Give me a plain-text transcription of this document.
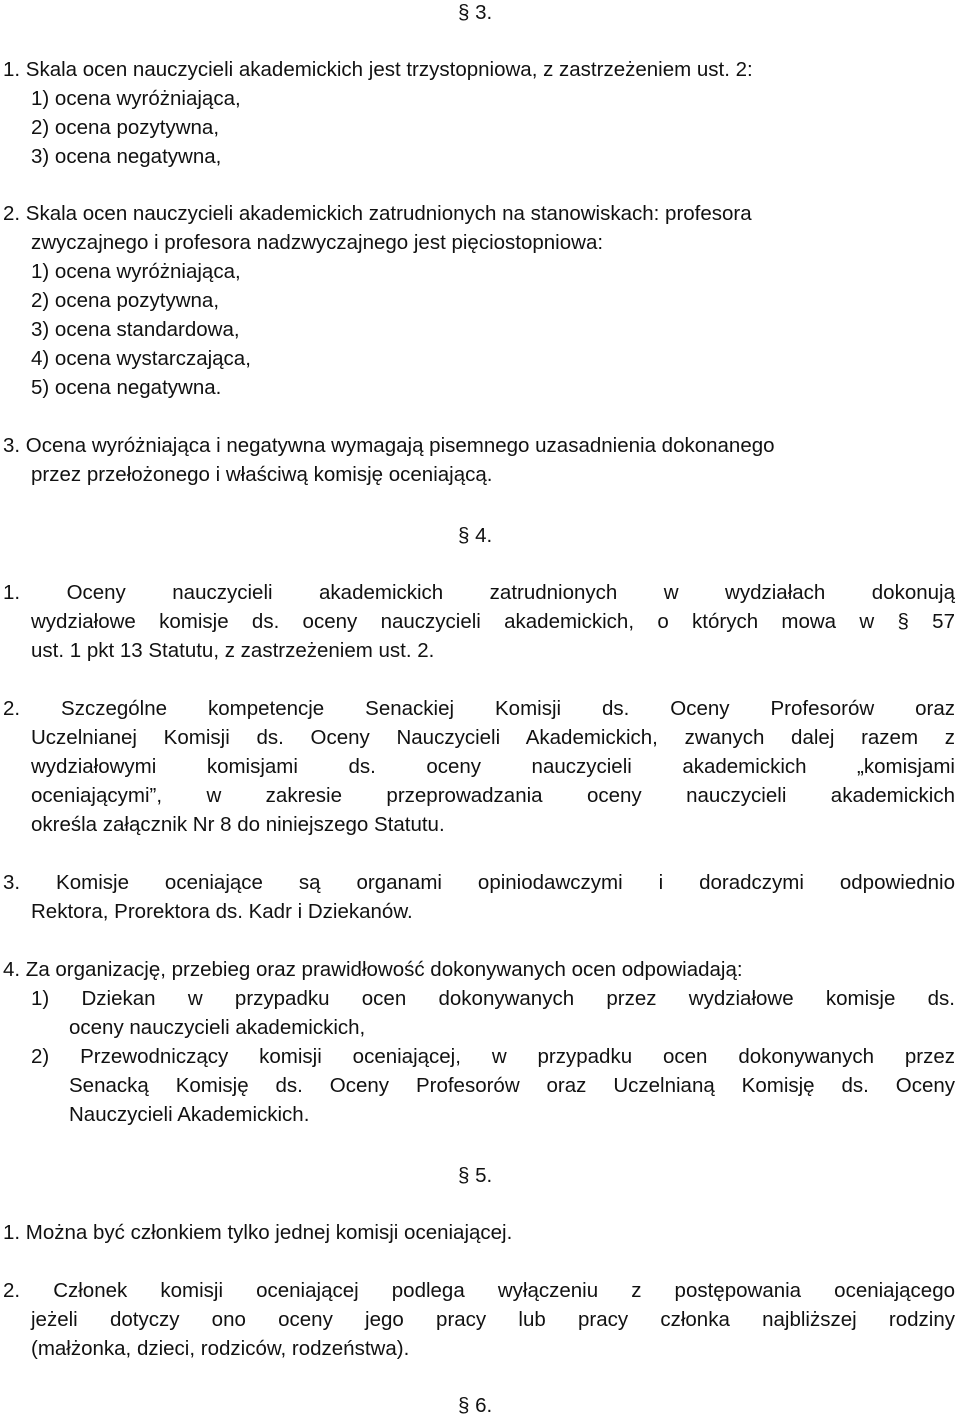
§ 3.
1. Skala ocen nauczycieli akademickich jest trzystopniowa, z zastrzeżeniem ust. 2:
1) ocena wyróżniająca,
2) ocena pozytywna,
3) ocena negatywna,
2. Skala ocen nauczycieli akademickich zatrudnionych na stanowiskach: profesora
zwyczajnego i profesora nadzwyczajnego jest pięciostopniowa:
1) ocena wyróżniająca,
2) ocena pozytywna,
3) ocena standardowa,
4) ocena wystarczająca,
5) ocena negatywna.
3. Ocena wyróżniająca i negatywna wymagają pisemnego uzasadnienia dokonanego
przez przełożonego i właściwą komisję oceniającą.
§ 4.
1. Oceny nauczycieli akademickich zatrudnionych w wydziałach dokonują
wydziałowe komisje ds. oceny nauczycieli akademickich, o których mowa w § 57
ust. 1 pkt 13 Statutu, z zastrzeżeniem ust. 2.
2. Szczególne kompetencje Senackiej Komisji ds. Oceny Profesorów oraz
Uczelnianej Komisji ds. Oceny Nauczycieli Akademickich, zwanych dalej razem z
wydziałowymi komisjami ds. oceny nauczycieli akademickich „komisjami
oceniającymi”, w zakresie przeprowadzania oceny nauczycieli akademickich
określa załącznik Nr 8 do niniejszego Statutu.
3. Komisje oceniające są organami opiniodawczymi i doradczymi odpowiednio
Rektora, Prorektora ds. Kadr i Dziekanów.
4. Za organizację, przebieg oraz prawidłowość dokonywanych ocen odpowiadają:
1) Dziekan w przypadku ocen dokonywanych przez wydziałowe komisje ds.
oceny nauczycieli akademickich,
2) Przewodniczący komisji oceniającej, w przypadku ocen dokonywanych przez
Senacką Komisję ds. Oceny Profesorów oraz Uczelnianą Komisję ds. Oceny
Nauczycieli Akademickich.
§ 5.
1. Można być członkiem tylko jednej komisji oceniającej.
2. Członek komisji oceniającej podlega wyłączeniu z postępowania oceniającego
jeżeli dotyczy ono oceny jego pracy lub pracy członka najbliższej rodziny
(małżonka, dzieci, rodziców, rodzeństwa).
§ 6.
